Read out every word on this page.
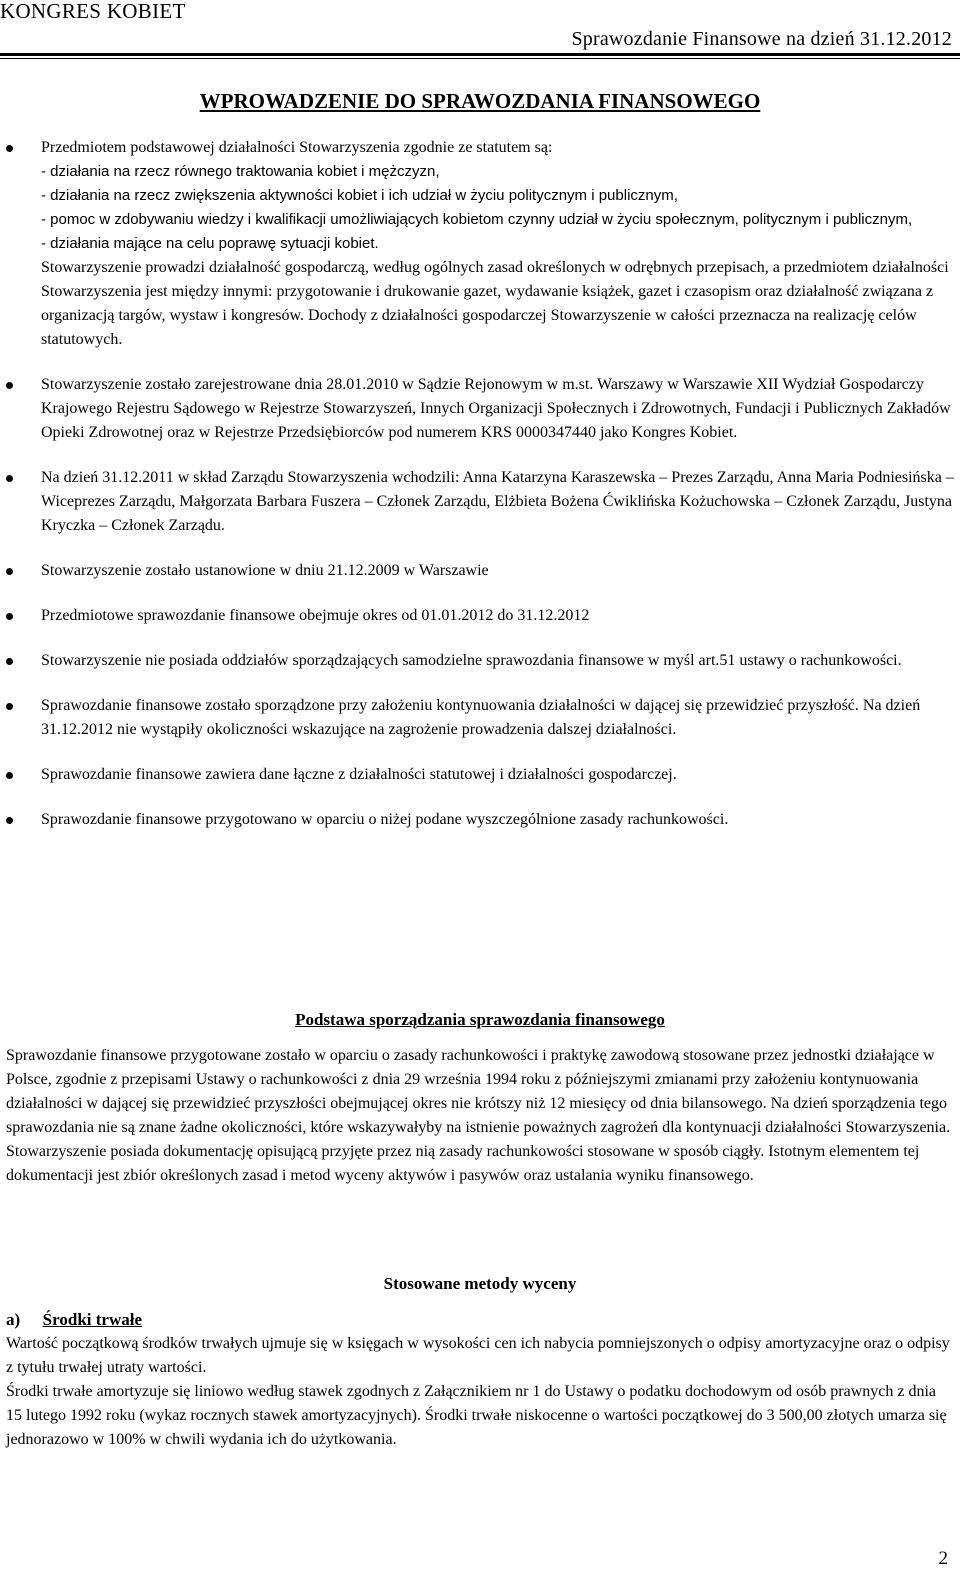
KONGRES KOBIET
Sprawozdanie Finansowe na dzień 31.12.2012
WPROWADZENIE DO SPRAWOZDANIA FINANSOWEGO
Przedmiotem podstawowej działalności Stowarzyszenia zgodnie ze statutem są:
- działania na rzecz równego traktowania kobiet i mężczyzn,
- działania na rzecz zwiększenia aktywności kobiet i ich udział w życiu politycznym i publicznym,
- pomoc w zdobywaniu wiedzy i kwalifikacji umożliwiających kobietom czynny udział w życiu społecznym, politycznym i publicznym,
- działania mające na celu poprawę sytuacji kobiet.
Stowarzyszenie prowadzi działalność gospodarczą, według ogólnych zasad określonych w odrębnych przepisach, a przedmiotem działalności Stowarzyszenia jest między innymi: przygotowanie i drukowanie gazet, wydawanie książek, gazet i czasopism oraz działalność związana z organizacją targów, wystaw i kongresów. Dochody z działalności gospodarczej Stowarzyszenie w całości przeznacza na realizację celów statutowych.
Stowarzyszenie zostało zarejestrowane dnia 28.01.2010 w Sądzie Rejonowym w m.st. Warszawy w Warszawie XII Wydział Gospodarczy Krajowego Rejestru Sądowego w Rejestrze Stowarzyszeń, Innych Organizacji Społecznych i Zdrowotnych, Fundacji i Publicznych Zakładów Opieki Zdrowotnej oraz w Rejestrze Przedsiębiorców pod numerem KRS 0000347440 jako Kongres Kobiet.
Na dzień 31.12.2011 w skład Zarządu Stowarzyszenia wchodzili: Anna Katarzyna Karaszewska – Prezes Zarządu, Anna Maria Podniesińska – Wiceprezes Zarządu, Małgorzata Barbara Fuszera – Członek Zarządu, Elżbieta Bożena Ćwiklińska Kożuchowska – Członek Zarządu, Justyna Kryczka – Członek Zarządu.
Stowarzyszenie zostało ustanowione w dniu 21.12.2009 w Warszawie
Przedmiotowe sprawozdanie finansowe obejmuje okres od 01.01.2012 do 31.12.2012
Stowarzyszenie nie posiada oddziałów sporządzających samodzielne sprawozdania finansowe w myśl art.51 ustawy o rachunkowości.
Sprawozdanie finansowe zostało sporządzone przy założeniu kontynuowania działalności w dającej się przewidzieć przyszłość. Na dzień 31.12.2012 nie wystąpiły okoliczności wskazujące na zagrożenie prowadzenia dalszej działalności.
Sprawozdanie finansowe zawiera dane łączne z działalności statutowej i działalności gospodarczej.
Sprawozdanie finansowe przygotowano w oparciu o niżej podane wyszczególnione zasady rachunkowości.
Podstawa sporządzania sprawozdania finansowego
Sprawozdanie finansowe przygotowane zostało w oparciu o zasady rachunkowości i praktykę zawodową stosowane przez jednostki działające w Polsce, zgodnie z przepisami Ustawy o rachunkowości z dnia 29 września 1994 roku z późniejszymi zmianami przy założeniu kontynuowania działalności w dającej się przewidzieć przyszłości obejmującej okres nie krótszy niż 12 miesięcy od dnia bilansowego. Na dzień sporządzenia tego sprawozdania nie są znane żadne okoliczności, które wskazywałyby na istnienie poważnych zagrożeń dla kontynuacji działalności Stowarzyszenia. Stowarzyszenie posiada dokumentację opisującą przyjęte przez nią zasady rachunkowości stosowane w sposób ciągły. Istotnym elementem tej dokumentacji jest zbiór określonych zasad i metod wyceny aktywów i pasywów oraz ustalania wyniku finansowego.
Stosowane metody wyceny
a) Środki trwałe
Wartość początkową środków trwałych ujmuje się w księgach w wysokości cen ich nabycia pomniejszonych o odpisy amortyzacyjne oraz o odpisy z tytułu trwałej utraty wartości.
Środki trwałe amortyzuje się liniowo według stawek zgodnych z Załącznikiem nr 1 do Ustawy o podatku dochodowym od osób prawnych z dnia 15 lutego 1992 roku (wykaz rocznych stawek amortyzacyjnych). Środki trwałe niskocenne o wartości początkowej do 3 500,00 złotych umarza się jednorazowo w 100% w chwili wydania ich do użytkowania.
2
